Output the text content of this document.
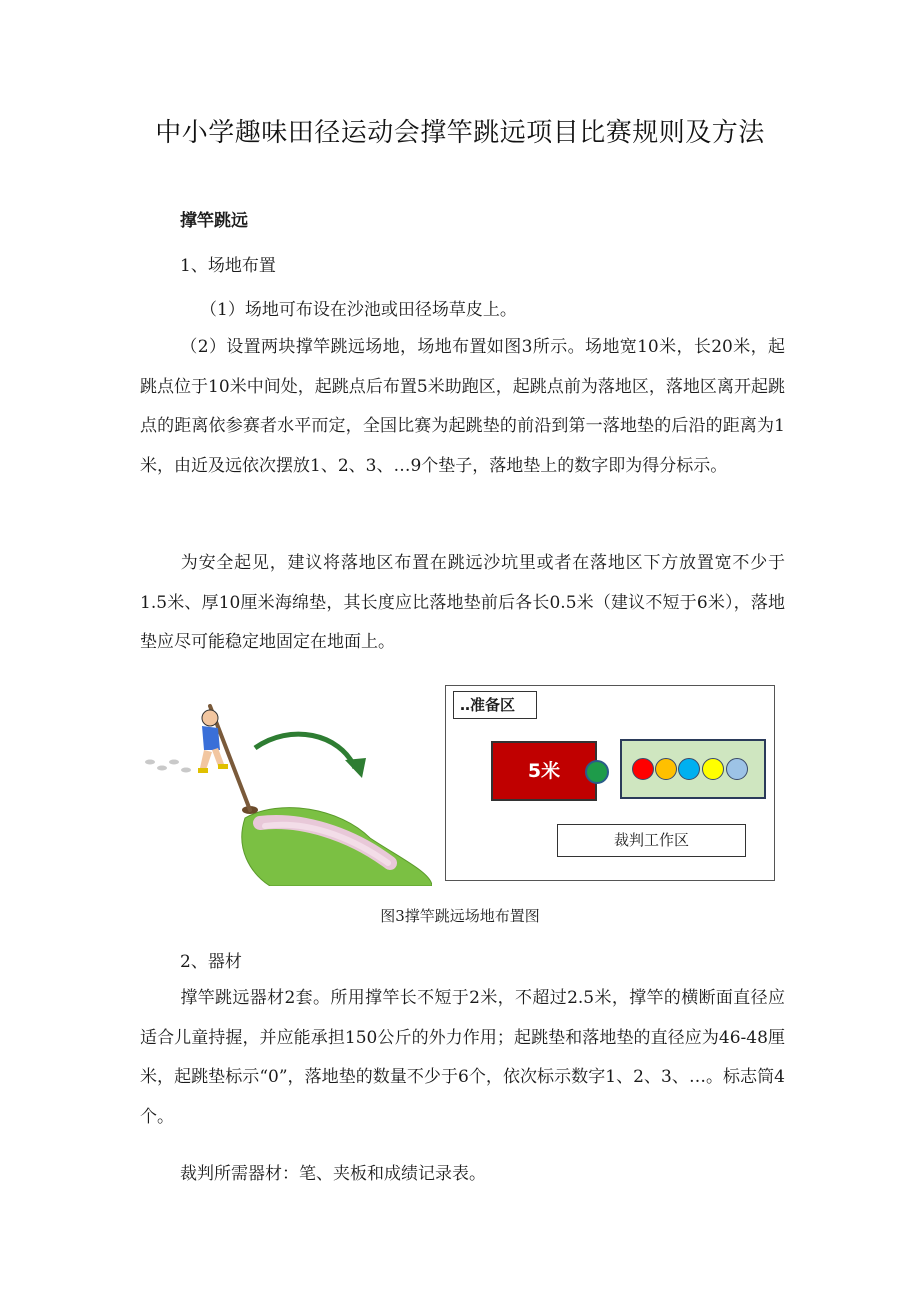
中小学趣味田径运动会撑竿跳远项目比赛规则及方法

撑竿跳远

1、场地布置

（1）场地可布设在沙池或田径场草皮上。

（2）设置两块撑竿跳远场地，场地布置如图3所示。场地宽10米，长20米，起跳点位于10米中间处，起跳点后布置5米助跑区，起跳点前为落地区，落地区离开起跳点的距离依参赛者水平而定，全国比赛为起跳垫的前沿到第一落地垫的后沿的距离为1米，由近及远依次摆放1、2、3、…9个垫子，落地垫上的数字即为得分标示。

为安全起见，建议将落地区布置在跳远沙坑里或者在落地区下方放置宽不少于1.5米、厚10厘米海绵垫，其长度应比落地垫前后各长0.5米（建议不短于6米），落地垫应尽可能稳定地固定在地面上。

‥准备区
5米
裁判工作区

图3撑竿跳远场地布置图

2、器材

撑竿跳远器材2套。所用撑竿长不短于2米，不超过2.5米，撑竿的横断面直径应适合儿童持握，并应能承担150公斤的外力作用；起跳垫和落地垫的直径应为46-48厘米，起跳垫标示“0”，落地垫的数量不少于6个，依次标示数字1、2、3、…。标志筒4个。

裁判所需器材：笔、夹板和成绩记录表。
